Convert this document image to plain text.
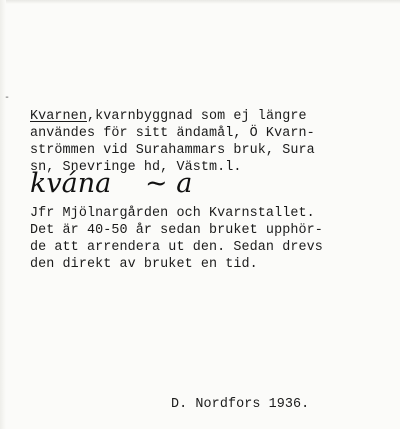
-
Kvarnen,kvarnbyggnad som ej längre
användes för sitt ändamål, Ö Kvarn-
strömmen vid Surahammars bruk, Sura
sn, Snevringe hd, Västm.l.
kvána ~ a
Jfr Mjölnargården och Kvarnstallet.
Det är 40-50 år sedan bruket upphör-
de att arrendera ut den. Sedan drevs
den direkt av bruket en tid.
D. Nordfors 1936.
